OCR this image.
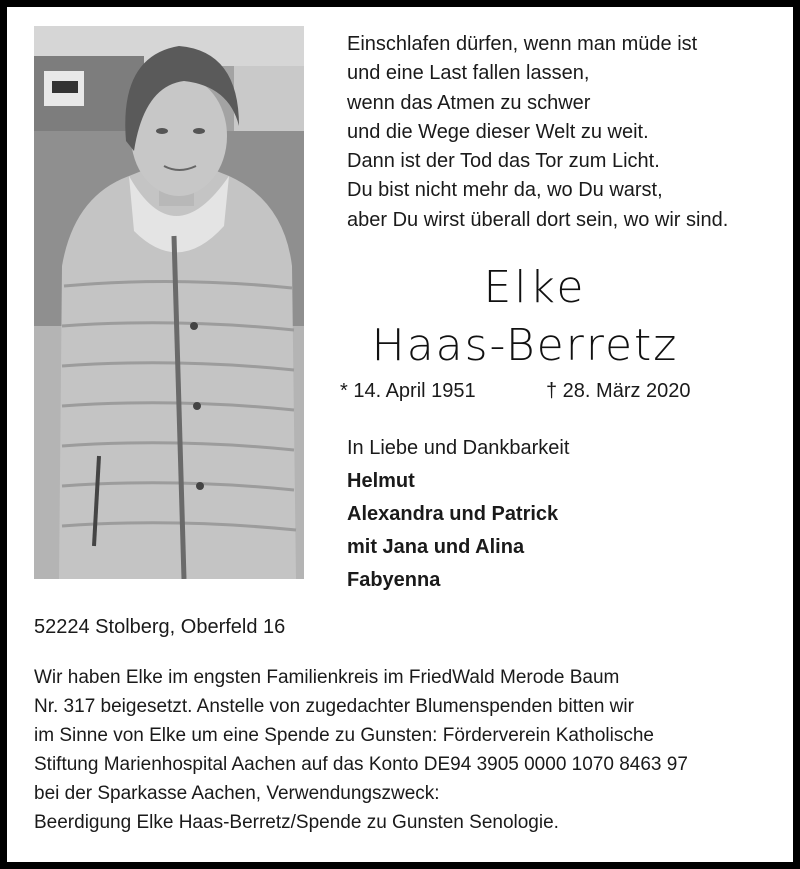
Einschlafen dürfen, wenn man müde ist
und eine Last fallen lassen,
wenn das Atmen zu schwer
und die Wege dieser Welt zu weit.
Dann ist der Tod das Tor zum Licht.
Du bist nicht mehr da, wo Du warst,
aber Du wirst überall dort sein, wo wir sind.
Elke
Haas-Berretz
* 14. April 1951	† 28. März 2020
In Liebe und Dankbarkeit
Helmut
Alexandra und Patrick
mit Jana und Alina
Fabyenna
52224 Stolberg, Oberfeld 16
Wir haben Elke im engsten Familienkreis im FriedWald Merode Baum
Nr. 317 beigesetzt. Anstelle von zugedachter Blumenspenden bitten wir
im Sinne von Elke um eine Spende zu Gunsten: Förderverein Katholische
Stiftung Marienhospital Aachen auf das Konto DE94 3905 0000 1070 8463 97
bei der Sparkasse Aachen, Verwendungszweck:
Beerdigung Elke Haas-Berretz/Spende zu Gunsten Senologie.
